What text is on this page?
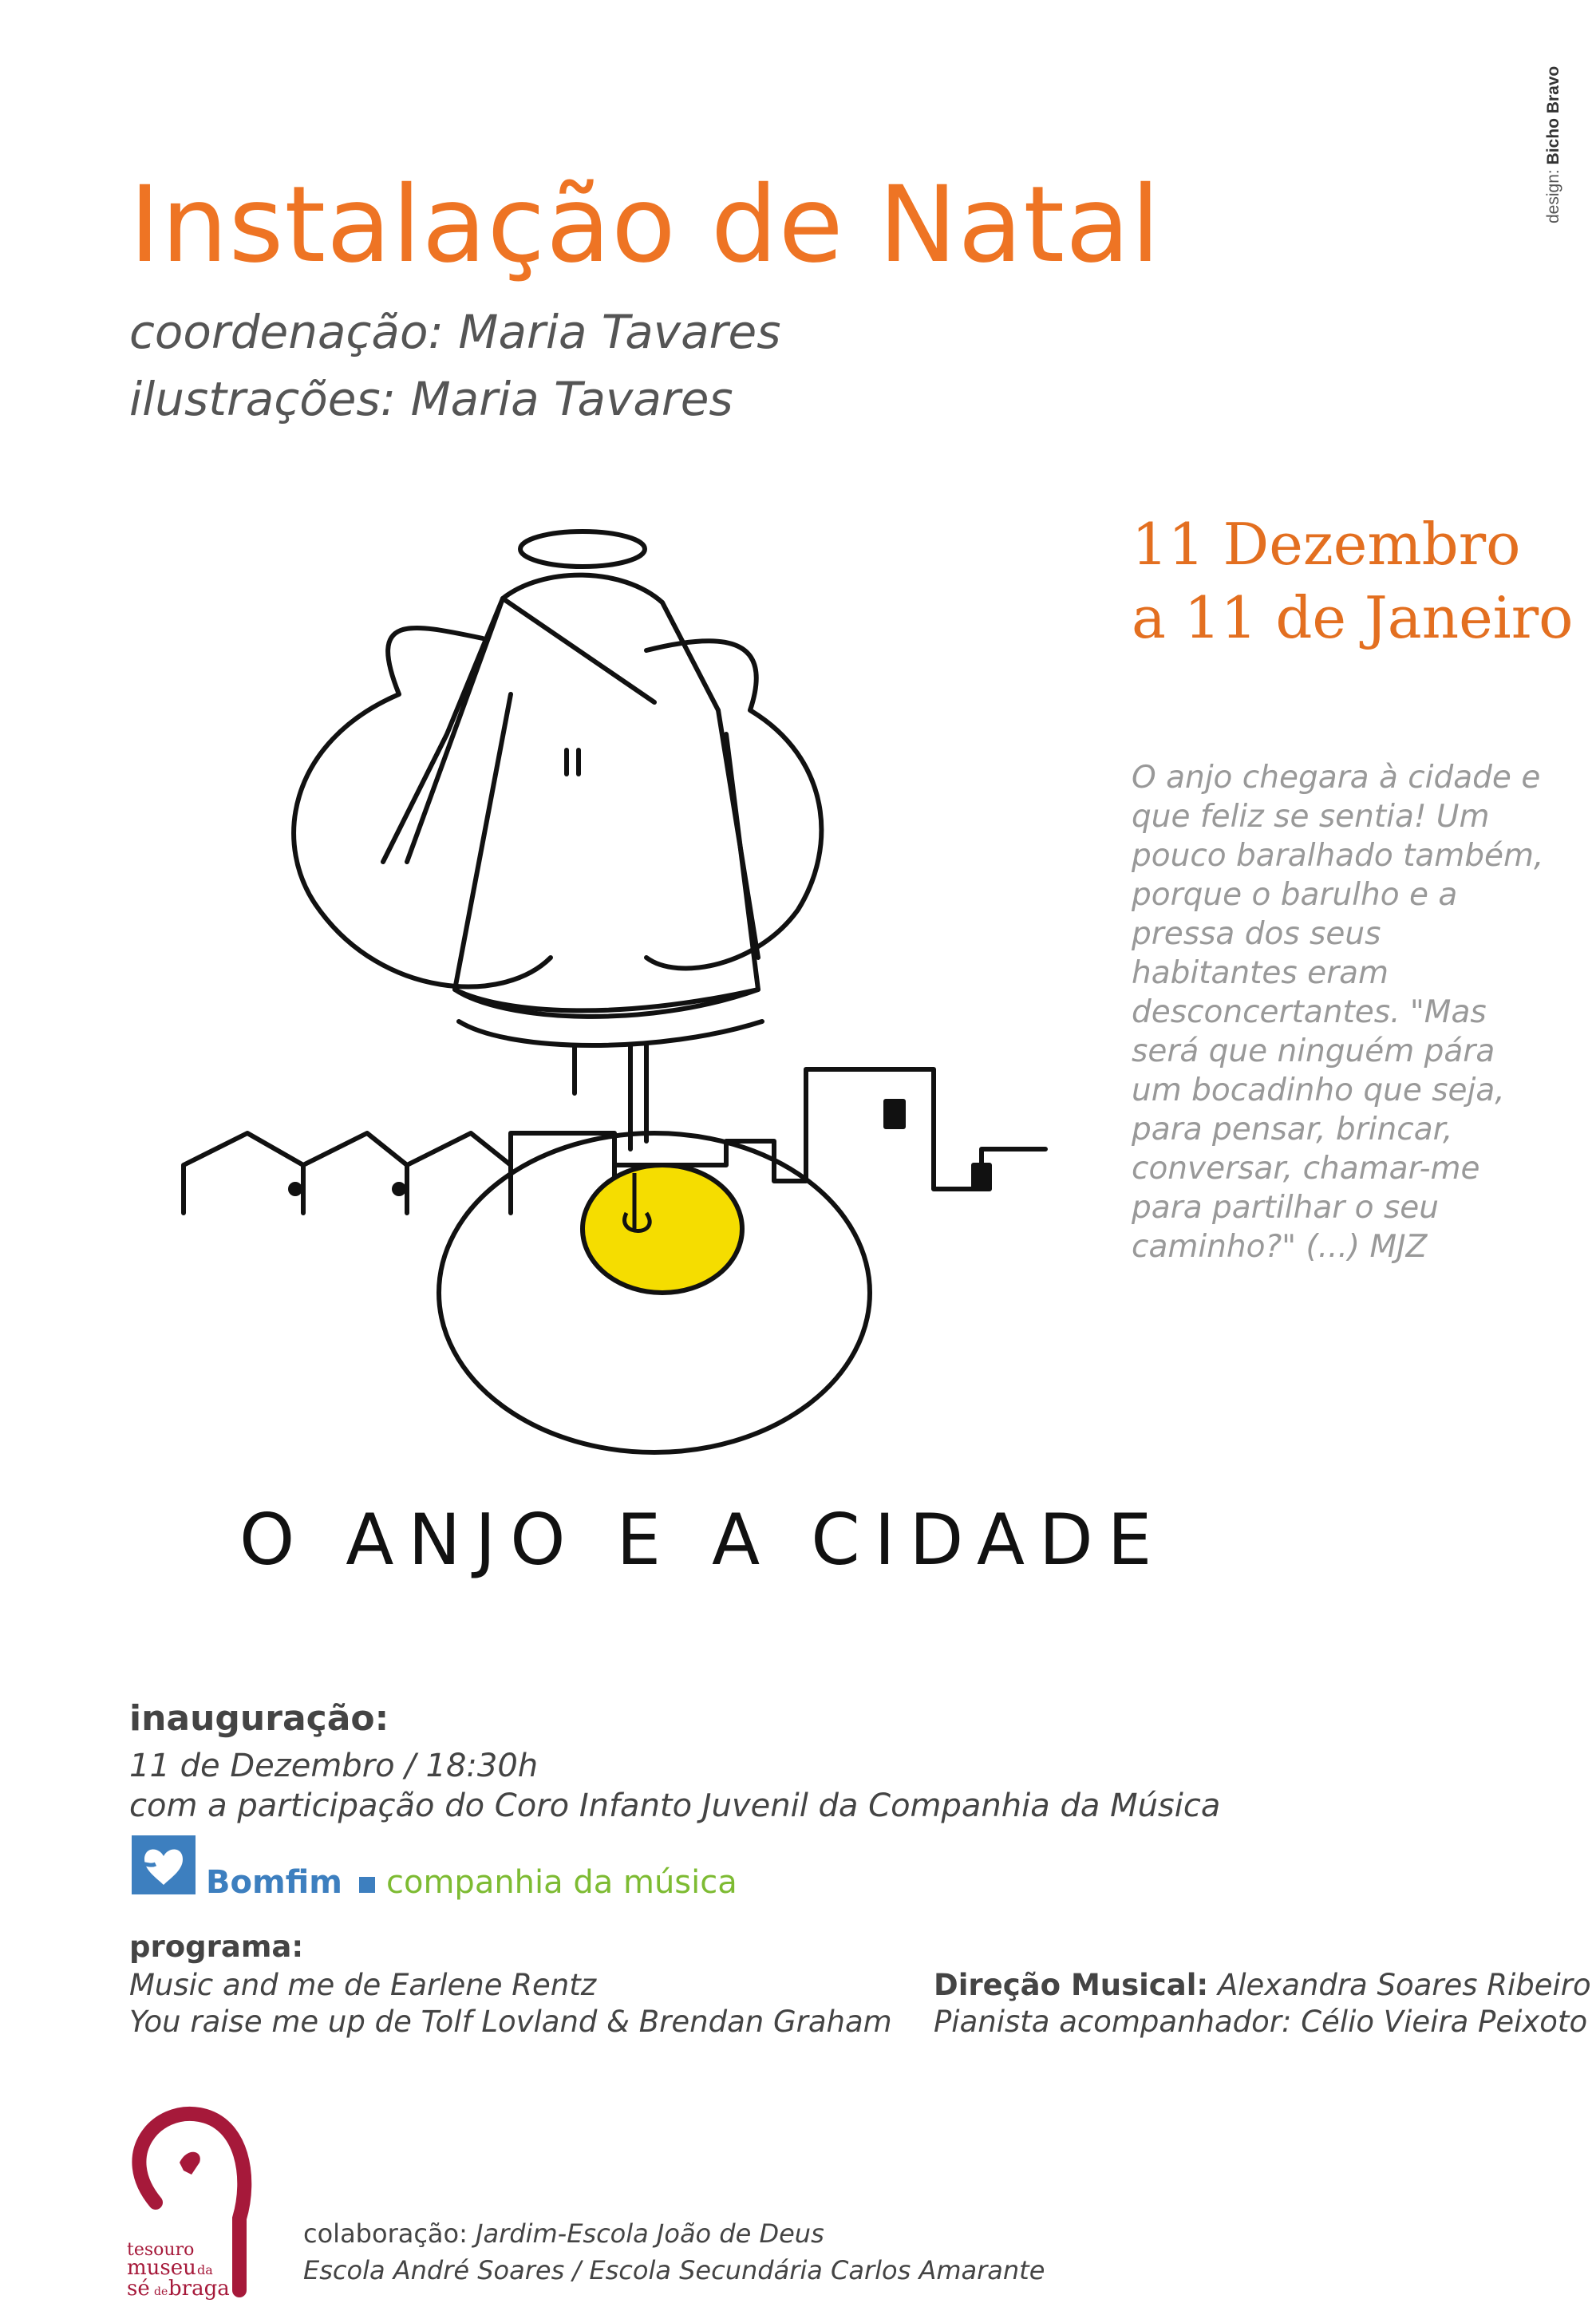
design: Bicho Bravo
Instalação de Natal
coordenação: Maria Tavares
ilustrações: Maria Tavares
11 Dezembro
a 11 de Janeiro
O anjo chegara à cidade e que feliz se sentia! Um pouco baralhado também, porque o barulho e a pressa dos seus habitantes eram desconcertantes. "Mas será que ninguém pára um bocadinho que seja, para pensar, brincar, conversar, chamar-me para partilhar o seu caminho?" (...) MJZ
O ANJO E A CIDADE
inauguração:
11 de Dezembro / 18:30h
com a participação do Coro Infanto Juvenil da Companhia da Música
Bomfim companhia da música
programa:
Music and me de Earlene Rentz
You raise me up de Tolf Lovland & Brendan Graham
Direção Musical: Alexandra Soares Ribeiro
Pianista acompanhador: Célio Vieira Peixoto
tesouro
museu da
sé de braga
colaboração: Jardim-Escola João de Deus
Escola André Soares / Escola Secundária Carlos Amarante
